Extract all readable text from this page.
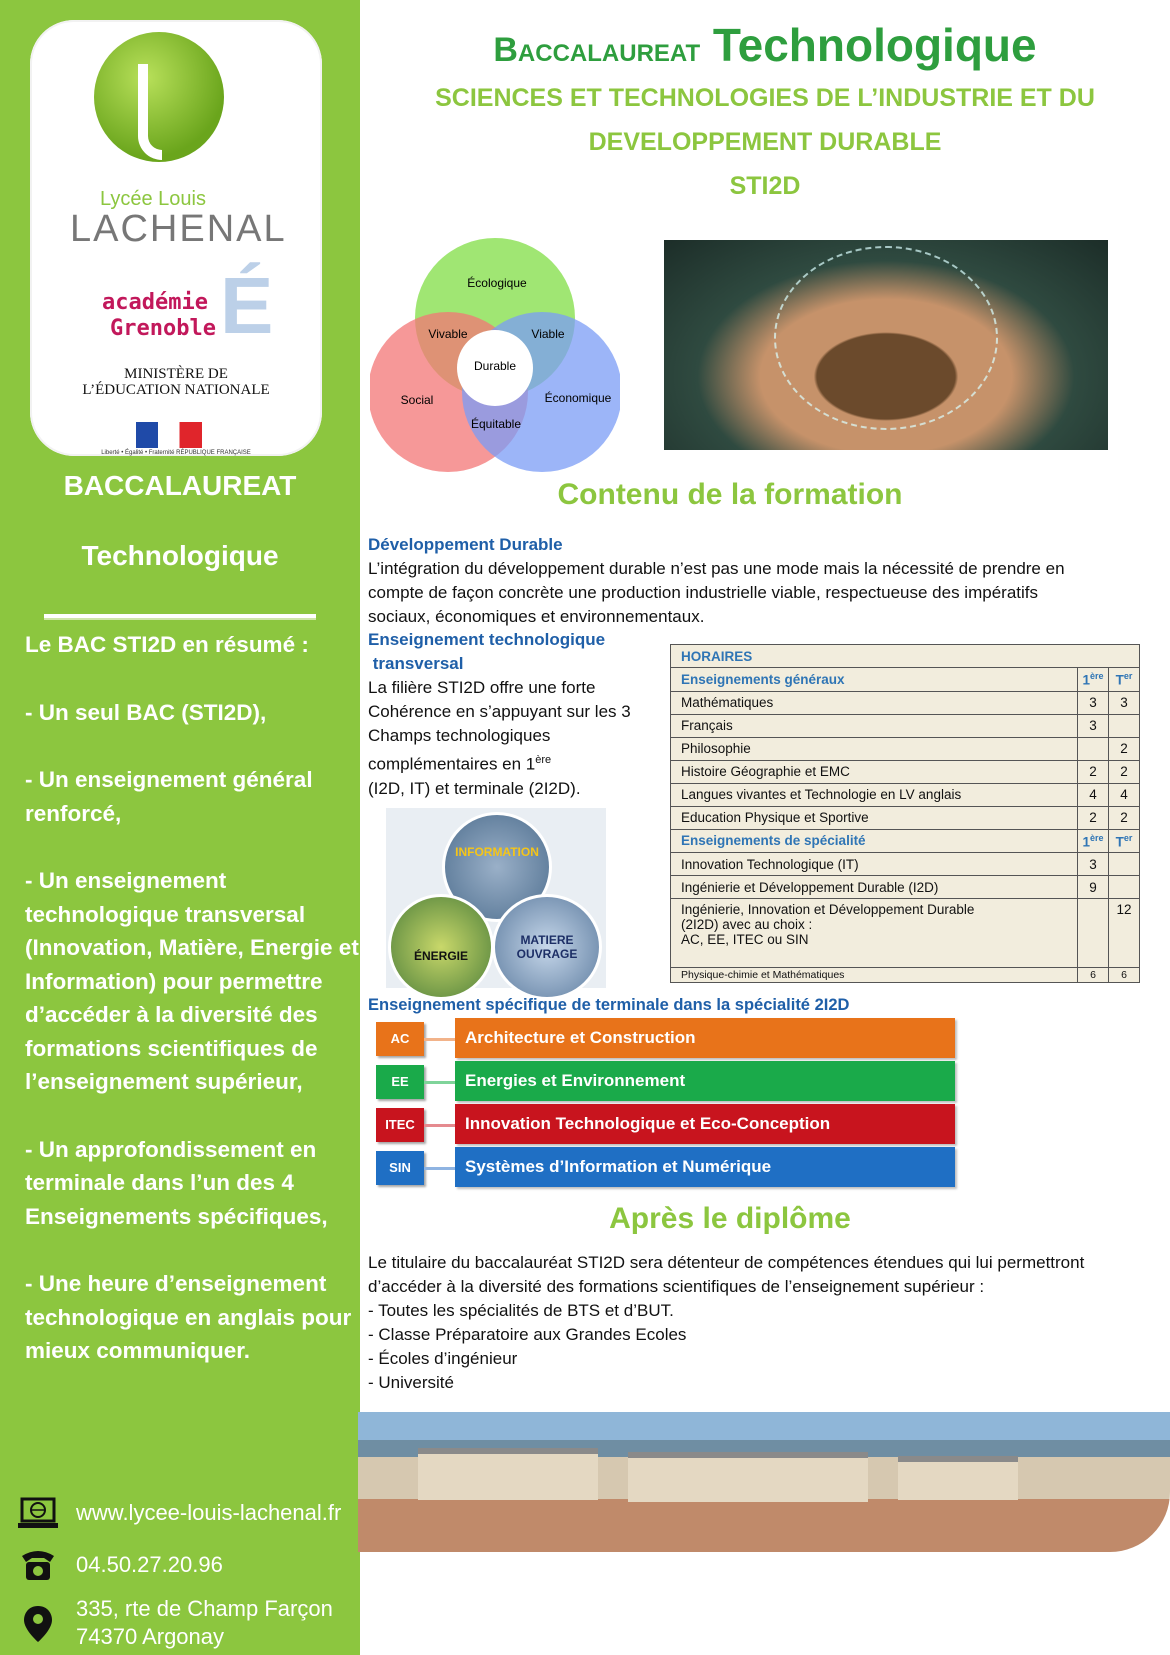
Lycée Louis
LACHENAL
É
académie
Grenoble
MINISTÈRE DE
L’ÉDUCATION NATIONALE
Liberté • Égalité • Fraternité RÉPUBLIQUE FRANÇAISE
BACCALAUREAT
Technologique

Le BAC STI2D en résumé :

- Un seul BAC (STI2D),

- Un enseignement général renforcé,

- Un enseignement technologique transversal (Innovation, Matière, Energie et Information) pour permettre d’accéder à la diversité des formations scientifiques de l’enseignement supérieur,

- Un approfondissement en terminale dans l’un des 4 Enseignements spécifiques,

- Une heure d’enseignement technologique en anglais pour mieux communiquer.

www.lycee-louis-lachenal.fr
04.50.27.20.96
335, rte de Champ Farçon
74370 Argonay
Baccalaureat Technologique
SCIENCES ET TECHNOLOGIES DE L’INDUSTRIE ET DU
DEVELOPPEMENT DURABLE
STI2D
Écologique
Social	Économique
Vivable	Viable
Durable
Équitable
Contenu de la formation
Développement Durable
L’intégration du développement durable n’est pas une mode mais la nécessité de prendre en
compte de façon concrète une production industrielle viable, respectueuse des impératifs
sociaux, économiques et environnementaux.
Enseignement technologique
transversal
La filière STI2D offre une forte
Cohérence en s’appuyant sur les 3
Champs technologiques
complémentaires en 1ère
(I2D, IT) et terminale (2I2D).
INFORMATION
ÉNERGIE
MATIERE OUVRAGE
HORAIRES		
Enseignements généraux	1ère	$T^{er}$
Mathématiques	3	3
Français	3	
Philosophie		2
Histoire Géographie et EMC	2	2
Langues vivantes et Technologie en LV anglais	4	4
Education Physique et Sportive	2	2
Enseignements de spécialité	1ère	$T^{er}$
Innovation Technologique (IT)	3	
Ingénierie et Développement Durable (I2D)	9	
Ingénierie, Innovation et Développement Durable
(2I2D) avec au choix :
AC, EE, ITEC ou SIN		12
Physique-chimie et Mathématiques	6	6
Enseignement spécifique de terminale dans la spécialité 2I2D
AC	Architecture et Construction
EE	Energies et Environnement
ITEC	Innovation Technologique et Eco-Conception
SIN	Systèmes d’Information et Numérique
Après le diplôme
Le titulaire du baccalauréat STI2D sera détenteur de compétences étendues qui lui permettront
d’accéder à la diversité des formations scientifiques de l’enseignement supérieur :
- Toutes les spécialités de BTS et d’BUT.
- Classe Préparatoire aux Grandes Ecoles
- Écoles d’ingénieur
- Université
LYCEE DES METIERS
DU BATIMENT ET DE L’INDUSTRIE
